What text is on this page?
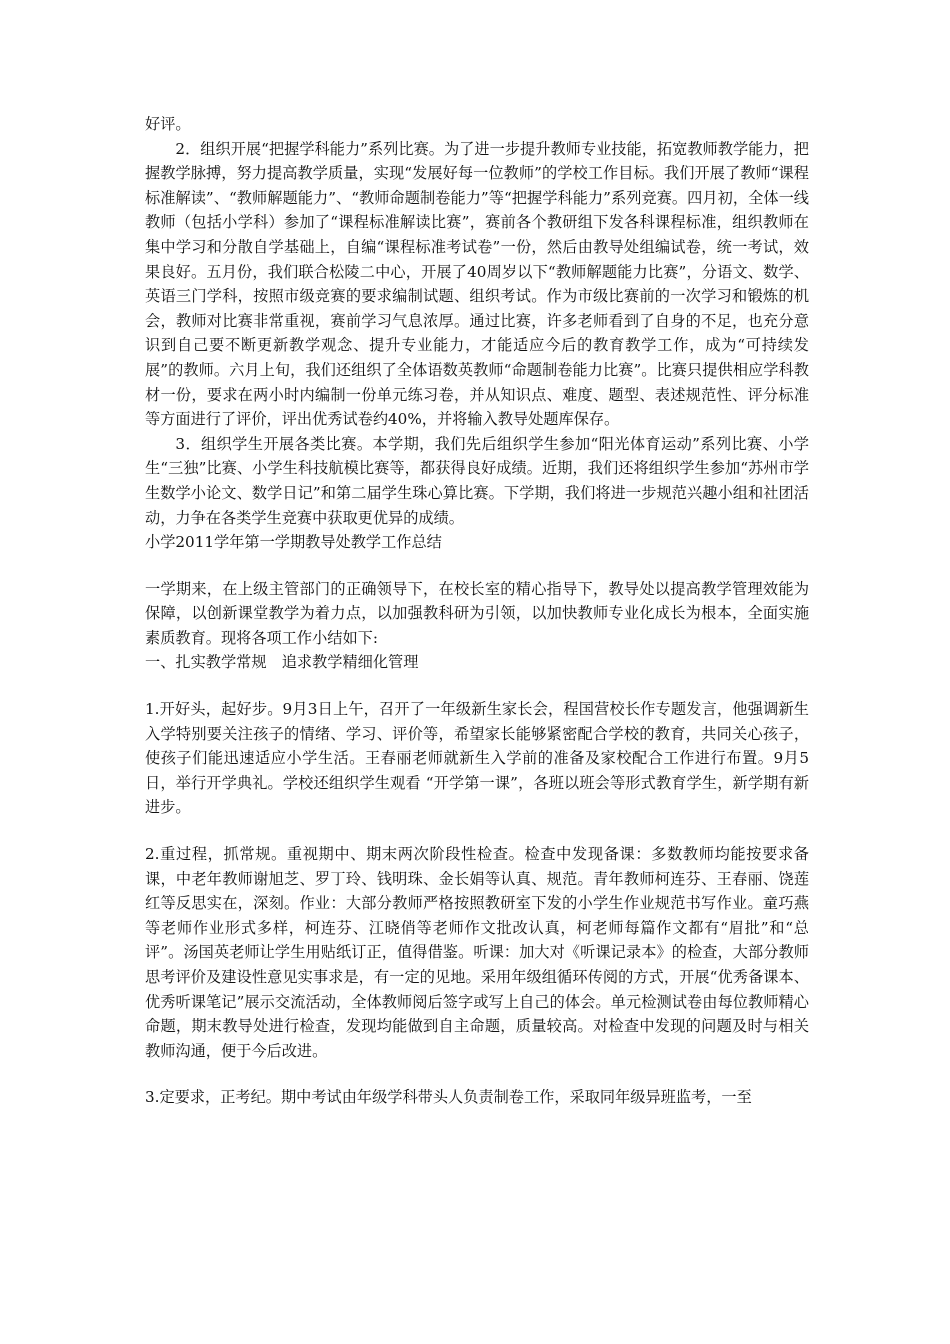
好评。

2．组织开展“把握学科能力”系列比赛。为了进一步提升教师专业技能，拓宽教师教学能力，把握教学脉搏，努力提高教学质量，实现“发展好每一位教师”的学校工作目标。我们开展了教师“课程标准解读”、“教师解题能力”、“教师命题制卷能力”等“把握学科能力”系列竞赛。四月初，全体一线教师（包括小学科）参加了“课程标准解读比赛”，赛前各个教研组下发各科课程标准，组织教师在集中学习和分散自学基础上，自编“课程标准考试卷”一份，然后由教导处组编试卷，统一考试，效果良好。五月份，我们联合松陵二中心，开展了40周岁以下“教师解题能力比赛”，分语文、数学、英语三门学科，按照市级竞赛的要求编制试题、组织考试。作为市级比赛前的一次学习和锻炼的机会，教师对比赛非常重视，赛前学习气息浓厚。通过比赛，许多老师看到了自身的不足，也充分意识到自己要不断更新教学观念、提升专业能力，才能适应今后的教育教学工作，成为“可持续发展”的教师。六月上旬，我们还组织了全体语数英教师“命题制卷能力比赛”。比赛只提供相应学科教材一份，要求在两小时内编制一份单元练习卷，并从知识点、难度、题型、表述规范性、评分标准等方面进行了评价，评出优秀试卷约40%，并将输入教导处题库保存。

3．组织学生开展各类比赛。本学期，我们先后组织学生参加“阳光体育运动”系列比赛、小学生“三独”比赛、小学生科技航模比赛等，都获得良好成绩。近期，我们还将组织学生参加“苏州市学生数学小论文、数学日记”和第二届学生珠心算比赛。下学期，我们将进一步规范兴趣小组和社团活动，力争在各类学生竞赛中获取更优异的成绩。

小学2011学年第一学期教导处教学工作总结

一学期来，在上级主管部门的正确领导下，在校长室的精心指导下，教导处以提高教学管理效能为保障，以创新课堂教学为着力点，以加强教科研为引领，以加快教师专业化成长为根本，全面实施素质教育。现将各项工作小结如下:

一、扎实教学常规　追求教学精细化管理

1.开好头，起好步。9月3日上午，召开了一年级新生家长会，程国营校长作专题发言，他强调新生入学特别要关注孩子的情绪、学习、评价等，希望家长能够紧密配合学校的教育，共同关心孩子，使孩子们能迅速适应小学生活。王春丽老师就新生入学前的准备及家校配合工作进行布置。9月5日，举行开学典礼。学校还组织学生观看 “开学第一课”，各班以班会等形式教育学生，新学期有新进步。

2.重过程，抓常规。重视期中、期末两次阶段性检查。检查中发现备课：多数教师均能按要求备课，中老年教师谢旭芝、罗丁玲、钱明珠、金长娟等认真、规范。青年教师柯连芬、王春丽、饶莲红等反思实在，深刻。作业：大部分教师严格按照教研室下发的小学生作业规范书写作业。童巧燕等老师作业形式多样，柯连芬、江晓俏等老师作文批改认真，柯老师每篇作文都有“眉批”和“总评”。汤国英老师让学生用贴纸订正，值得借鉴。听课：加大对《听课记录本》的检查，大部分教师思考评价及建设性意见实事求是，有一定的见地。采用年级组循环传阅的方式，开展“优秀备课本、优秀听课笔记”展示交流活动，全体教师阅后签字或写上自己的体会。单元检测试卷由每位教师精心命题，期末教导处进行检查，发现均能做到自主命题，质量较高。对检查中发现的问题及时与相关教师沟通，便于今后改进。

3.定要求，正考纪。期中考试由年级学科带头人负责制卷工作，采取同年级异班监考，一至
